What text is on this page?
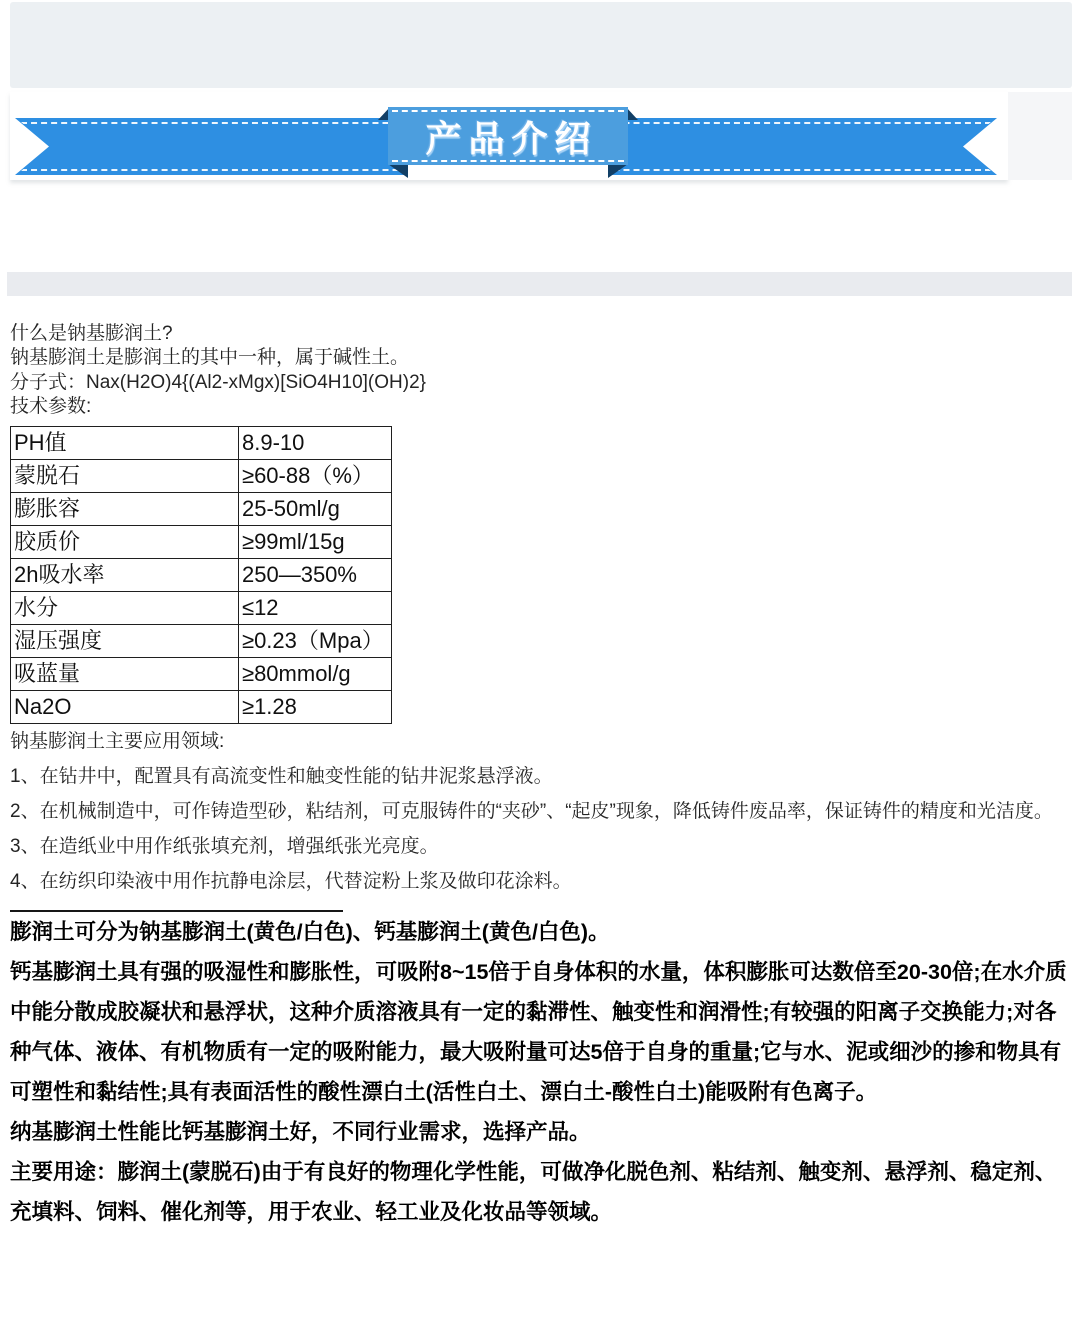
产品介绍

什么是钠基膨润土?

钠基膨润土是膨润土的其中一种，属于碱性土。

分子式：Nax(H2O)4{(Al2-xMgx)[SiO4H10](OH)2}

技术参数:

PH值	8.9-10
蒙脱石	≥60-88（%）
膨胀容	25-50ml/g
胶质价	≥99ml/15g
2h吸水率	250—350%
水分	≤12
湿压强度	≥0.23（Mpa）
吸蓝量	≥80mmol/g
Na2O	≥1.28

钠基膨润土主要应用领域:

1、在钻井中，配置具有高流变性和触变性能的钻井泥浆悬浮液。

2、在机械制造中，可作铸造型砂，粘结剂，可克服铸件的“夹砂”、“起皮”现象，降低铸件废品率，保证铸件的精度和光洁度。

3、在造纸业中用作纸张填充剂，增强纸张光亮度。

4、在纺织印染液中用作抗静电涂层，代替淀粉上浆及做印花涂料。

膨润土可分为钠基膨润土(黄色/白色)、钙基膨润土(黄色/白色)。

钙基膨润土具有强的吸湿性和膨胀性，可吸附8~15倍于自身体积的水量，体积膨胀可达数倍至20-30倍;在水介质中能分散成胶凝状和悬浮状，这种介质溶液具有一定的黏滞性、触变性和润滑性;有较强的阳离子交换能力;对各种气体、液体、有机物质有一定的吸附能力，最大吸附量可达5倍于自身的重量;它与水、泥或细沙的掺和物具有可塑性和黏结性;具有表面活性的酸性漂白土(活性白土、漂白土-酸性白土)能吸附有色离子。

纳基膨润土性能比钙基膨润土好，不同行业需求，选择产品。

主要用途：膨润土(蒙脱石)由于有良好的物理化学性能，可做净化脱色剂、粘结剂、触变剂、悬浮剂、稳定剂、充填料、饲料、催化剂等，用于农业、轻工业及化妆品等领域。
